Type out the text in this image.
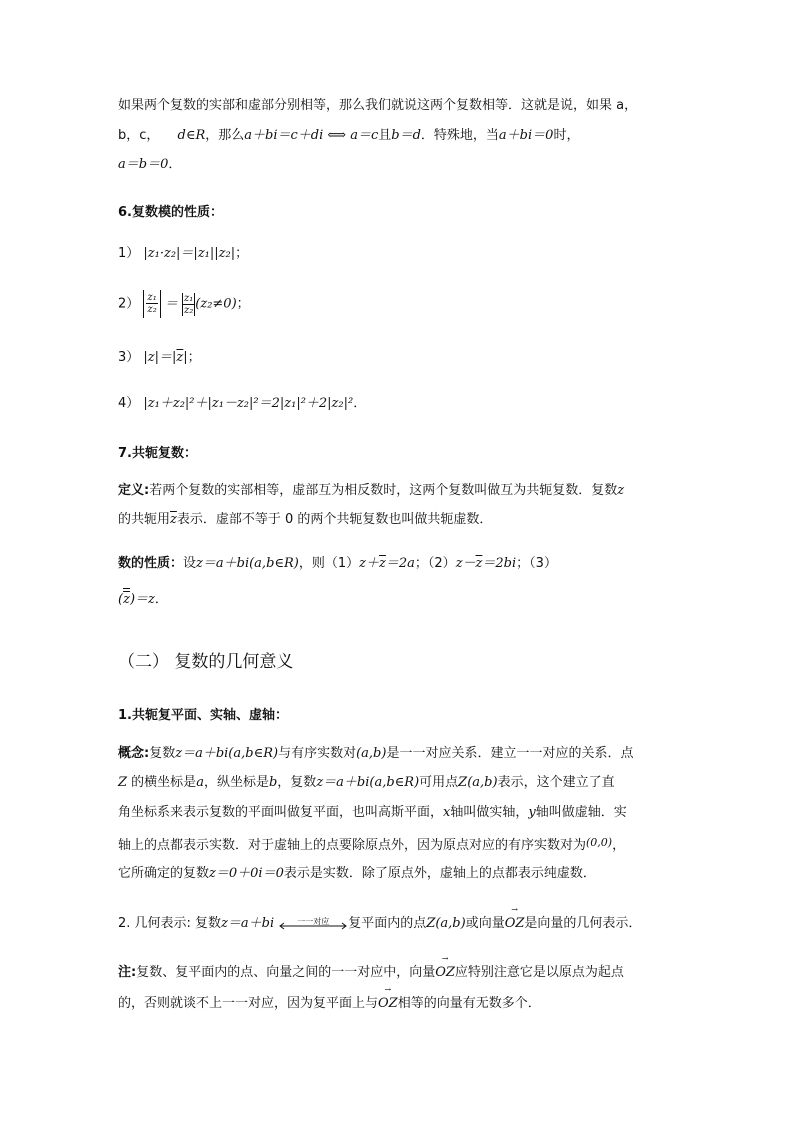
如果两个复数的实部和虚部分别相等，那么我们就说这两个复数相等．这就是说，如果 a，
b，c， d∈R，那么a＋bi＝c＋di ⟺ a＝c且b＝d．特殊地，当a＋bi＝0时，
a＝b＝0．
6.复数模的性质：
1） |z₁·z₂|＝|z₁||z₂|；
$2) \frac{\text{z₁}}{\text{z₂}} = \frac{\text{z₁}}{\text{z₂}} (z_2\ne 0)$；
3） $|z|=|\overline{z}|$；
4） |z₁＋z₂|²＋|z₁－z₂|²＝2|z₁|²＋2|z₂|²．
7.共轭复数：
定义:若两个复数的实部相等，虚部互为相反数时，这两个复数叫做互为共轭复数．复数z
的共轭用$\overline{z}$表示．虚部不等于 0 的两个共轭复数也叫做共轭虚数．
数的性质：设z＝a＋bi(a,b∈R)，则$(1)z+\overline{z}=2a$；$(2)z-\overline{z}=2bi$；（3）
$(\overline{z})=z$．
（二） 复数的几何意义
1.共轭复平面、实轴、虚轴：
概念:复数z＝a＋bi(a,b∈R)与有序实数对(a,b)是一一对应关系．建立一一对应的关系．点
Z 的横坐标是a，纵坐标是b，复数z＝a＋bi(a,b∈R)可用点Z(a,b)表示，这个建立了直
角坐标系来表示复数的平面叫做复平面，也叫高斯平面，x轴叫做实轴，y轴叫做虚轴．实
轴上的点都表示实数．对于虚轴上的点要除原点外，因为原点对应的有序实数对为$^{(0,0)}$，
它所确定的复数z＝0＋0i＝0表示是实数．除了原点外，虚轴上的点都表示纯虚数．
2. 几何表示: 复数z＝a＋bi	一一对应	复平面内的点Z(a,b)或向量
→
OZ是向量的几何表示．
注:复数、复平面内的点、向量之间的一一对应中，向量
→
OZ应特别注意它是以原点为起点
的，否则就谈不上一一对应，因为复平面上与
→
OZ相等的向量有无数多个．
